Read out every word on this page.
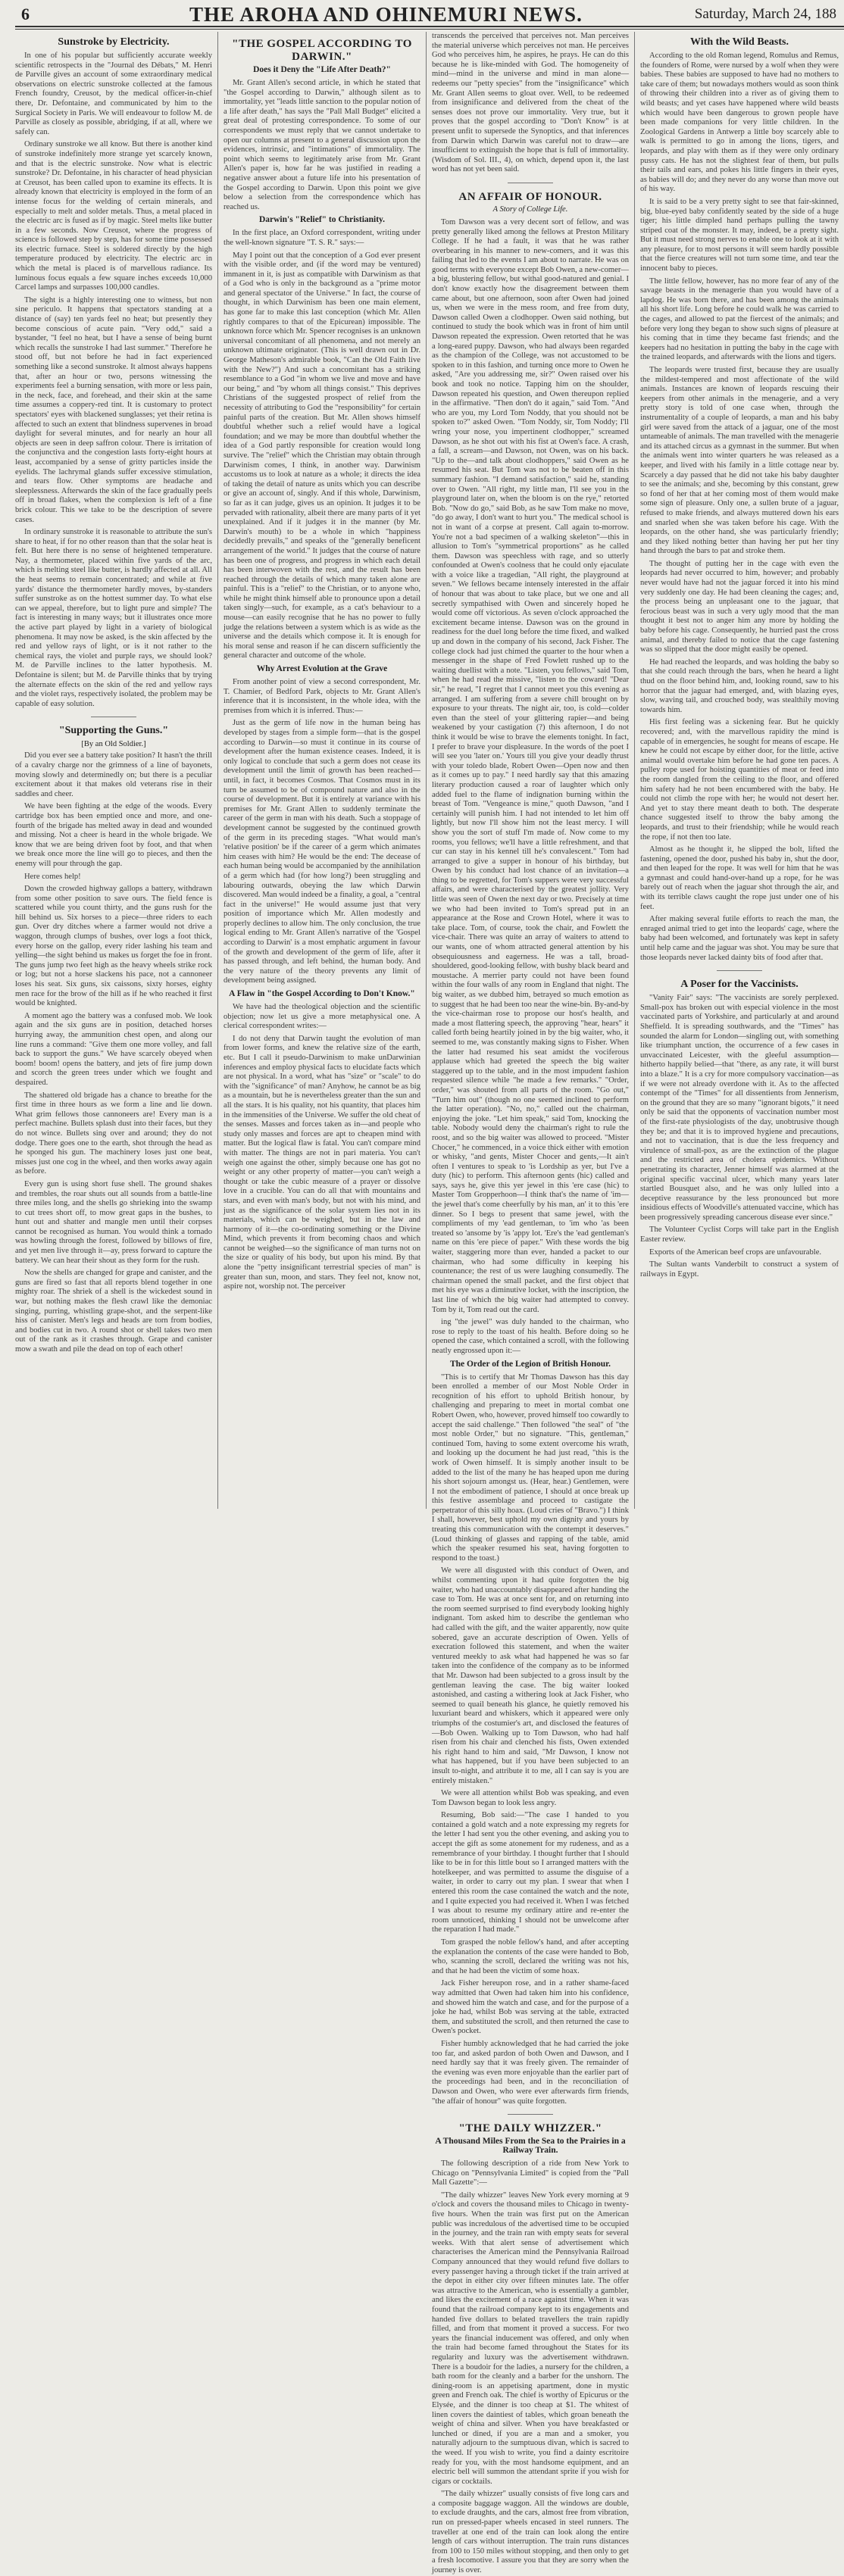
6	THE AROHA AND OHINEMURI NEWS.	Saturday, March 24, 188
Sunstroke by Electricity.

In one of his popular but sufficiently accurate weekly scientific retrospects in the "Journal des Débats," M. Henri de Parville gives an account of some extraordinary medical observations on electric sunstroke collected at the famous French foundry, Creusot, by the medical officer-in-chief there, Dr. Defontaine, and communicated by him to the Surgical Society in Paris. We will endeavour to follow M. de Parville as closely as possible, abridging, if at all, where we safely can.

Ordinary sunstroke we all know. But there is another kind of sunstroke indefinitely more strange yet scarcely known, and that is the electric sunstroke. Now what is electric sunstroke? Dr. Defontaine, in his character of head physician at Creusot, has been called upon to examine its effects. It is already known that electricity is employed in the form of an intense focus for the welding of certain minerals, and especially to melt and solder metals. Thus, a metal placed in the electric arc is fused as if by magic. Steel melts like butter in a few seconds. Now Creusot, where the progress of science is followed step by step, has for some time possessed its electric furnace. Steel is soldered directly by the high temperature produced by electricity. The electric arc in which the metal is placed is of marvellous radiance. Its luminous focus equals a few square inches exceeds 10,000 Carcel lamps and surpasses 100,000 candles.

The sight is a highly interesting one to witness, but non sine periculo. It happens that spectators standing at a distance of (say) ten yards feel no heat; but presently they become conscious of acute pain. "Very odd," said a bystander, "I feel no heat, but I have a sense of being burnt which recalls the sunstroke I had last summer." Therefore he stood off, but not before he had in fact experienced something like a second sunstroke. It almost always happens that, after an hour or two, persons witnessing the experiments feel a burning sensation, with more or less pain, in the neck, face, and forehead, and their skin at the same time assumes a coppery-red tint. It is customary to protect spectators' eyes with blackened sunglasses; yet their retina is affected to such an extent that blindness supervenes in broad daylight for several minutes, and for nearly an hour all objects are seen in deep saffron colour. There is irritation of the conjunctiva and the congestion lasts forty-eight hours at least, accompanied by a sense of gritty particles inside the eyelids. The lachrymal glands suffer excessive stimulation, and tears flow. Other symptoms are headache and sleeplessness. Afterwards the skin of the face gradually peels off in broad flakes, when the complexion is left of a fine brick colour. This we take to be the description of severe cases.

In ordinary sunstroke it is reasonable to attribute the sun's share to heat, if for no other reason than that the solar heat is felt. But here there is no sense of heightened temperature. Nay, a thermometer, placed within five yards of the arc, which is melting steel like butter, is hardly affected at all. All the heat seems to remain concentrated; and while at five yards' distance the thermometer hardly moves, by-standers suffer sunstroke as on the hottest summer day. To what else can we appeal, therefore, but to light pure and simple? The fact is interesting in many ways; but it illustrates once more the active part played by light in a variety of biological phenomena. It may now be asked, is the skin affected by the red and yellow rays of light, or is it not rather to the chemical rays, the violet and purple rays, we should look? M. de Parville inclines to the latter hypothesis. M. Defontaine is silent; but M. de Parville thinks that by trying the alternate effects on the skin of the red and yellow rays and the violet rays, respectively isolated, the problem may be capable of easy solution.

"Supporting the Guns."
[By an Old Soldier.]

Did you ever see a battery take position? It hasn't the thrill of a cavalry charge nor the grimness of a line of bayonets, moving slowly and determinedly on; but there is a peculiar excitement about it that makes old veterans rise in their saddles and cheer.

We have been fighting at the edge of the woods. Every cartridge box has been emptied once and more, and one-fourth of the brigade has melted away in dead and wounded and missing. Not a cheer is heard in the whole brigade. We know that we are being driven foot by foot, and that when we break once more the line will go to pieces, and then the enemy will pour through the gap.

Here comes help!

Down the crowded highway gallops a battery, withdrawn from some other position to save ours. The field fence is scattered while you count thirty, and the guns rush for the hill behind us. Six horses to a piece—three riders to each gun. Over dry ditches where a farmer would not drive a waggon, through clumps of bushes, over logs a foot thick, every horse on the gallop, every rider lashing his team and yelling—the sight behind us makes us forget the foe in front. The guns jump two feet high as the heavy wheels strike rock or log; but not a horse slackens his pace, not a cannoneer loses his seat. Six guns, six caissons, sixty horses, eighty men race for the brow of the hill as if he who reached it first would be knighted.

A moment ago the battery was a confused mob. We look again and the six guns are in position, detached horses hurrying away, the ammunition chest open, and along our line runs a command: "Give them one more volley, and fall back to support the guns." We have scarcely obeyed when boom! boom! opens the battery, and jets of fire jump down and scorch the green trees under which we fought and despaired.

The shattered old brigade has a chance to breathe for the first time in three hours as we form a line and lie down. What grim fellows those cannoneers are! Every man is a perfect machine. Bullets splash dust into their faces, but they do not wince. Bullets sing over and around; they do not dodge. There goes one to the earth, shot through the head as he sponged his gun. The machinery loses just one beat, misses just one cog in the wheel, and then works away again as before.

Every gun is using short fuse shell. The ground shakes and trembles, the roar shuts out all sounds from a battle-line three miles long, and the shells go shrieking into the swamp to cut trees short off, to mow great gaps in the bushes, to hunt out and shatter and mangle men until their corpses cannot be recognised as human. You would think a tornado was howling through the forest, followed by billows of fire, and yet men live through it—ay, press forward to capture the battery. We can hear their shout as they form for the rush.

Now the shells are changed for grape and canister, and the guns are fired so fast that all reports blend together in one mighty roar. The shriek of a shell is the wickedest sound in war, but nothing makes the flesh crawl like the demoniac singing, purring, whistling grape-shot, and the serpent-like hiss of canister. Men's legs and heads are torn from bodies, and bodies cut in two. A round shot or shell takes two men out of the rank as it crashes through. Grape and canister mow a swath and pile the dead on top of each other!

"THE GOSPEL ACCORDING TO DARWIN."
Does it Deny the "Life After Death?"

Mr. Grant Allen's second article, in which he stated that "the Gospel according to Darwin," although silent as to immortality, yet "leads little sanction to the popular notion of a life after death," has says the "Pall Mall Budget" elicited a great deal of protesting correspondence. To some of our correspondents we must reply that we cannot undertake to open our columns at present to a general discussion upon the evidences, intrinsic, and "intimations" of immortality. The point which seems to legitimately arise from Mr. Grant Allen's paper is, how far he was justified in reading a negative answer about a future life into his presentation of the Gospel according to Darwin. Upon this point we give below a selection from the correspondence which has reached us.

Darwin's "Relief" to Christianity.

In the first place, an Oxford correspondent, writing under the well-known signature "T. S. R." says:—

May I point out that the conception of a God ever present with the visible order, and (if the word may be ventured) immanent in it, is just as compatible with Darwinism as that of a God who is only in the background as a "prime motor and general spectator of the Universe." In fact, the course of thought, in which Darwinism has been one main element, has gone far to make this last conception (which Mr. Allen rightly compares to that of the Epicurean) impossible. The unknown force which Mr. Spencer recognises is an unknown universal concomitant of all phenomena, and not merely an unknown ultimate originator. (This is well drawn out in Dr. George Matheson's admirable book, "Can the Old Faith live with the New?") And such a concomitant has a striking resemblance to a God "in whom we live and move and have our being," and "by whom all things consist." This deprives Christians of the suggested prospect of relief from the necessity of attributing to God the "responsibility" for certain painful parts of the creation. But Mr. Allen shows himself doubtful whether such a relief would have a logical foundation; and we may be more than doubtful whether the idea of a God partly responsible for creation would long survive. The "relief" which the Christian may obtain through Darwinism comes, I think, in another way. Darwinism accustoms us to look at nature as a whole; it directs the idea of taking the detail of nature as units which you can describe or give an account of, singly. And if this whole, Darwinism, so far as it can judge, gives us an opinion. It judges it to be pervaded with rationality, albeit there are many parts of it yet unexplained. And if it judges it in the manner (by Mr. Darwin's mouth) to be a whole in which "happiness decidedly prevails," and speaks of the "generally beneficent arrangement of the world." It judges that the course of nature has been one of progress, and progress in which each detail has been interwoven with the rest, and the result has been reached through the details of which many taken alone are painful. This is a "relief" to the Christian, or to anyone who, while he might think himself able to pronounce upon a detail taken singly—such, for example, as a cat's behaviour to a mouse—can easily recognise that he has no power to fully judge the relations between a system which is as wide as the universe and the details which compose it. It is enough for his moral sense and reason if he can discern sufficiently the general character and outcome of the whole.

Why Arrest Evolution at the Grave

From another point of view a second correspondent, Mr. T. Chamier, of Bedford Park, objects to Mr. Grant Allen's inference that it is inconsistent, in the whole idea, with the premises from which it is inferred. Thus:—

Just as the germ of life now in the human being has developed by stages from a simple form—that is the gospel according to Darwin—so must it continue in its course of development after the human existence ceases. Indeed, it is only logical to conclude that such a germ does not cease its development until the limit of growth has been reached—until, in fact, it becomes Cosmos. That Cosmos must in its turn be assumed to be of compound nature and also in the course of development. But it is entirely at variance with his premises for Mr. Grant Allen to suddenly terminate the career of the germ in man with his death. Such a stoppage of development cannot be suggested by the continued growth of the germ in its preceding stages. "What would man's 'relative position' be if the career of a germ which animates him ceases with him? He would be the end: The decease of each human being would be accompanied by the annihilation of a germ which had (for how long?) been struggling and labouring outwards, obeying the law which Darwin discovered. Man would indeed be a finality, a goal, a "central fact in the universe!" He would assume just that very position of importance which Mr. Allen modestly and properly declines to allow him. The only conclusion, the true logical ending to Mr. Grant Allen's narrative of the 'Gospel according to Darwin' is a most emphatic argument in favour of the growth and development of the germ of life, after it has passed through, and left behind, the human body. And the very nature of the theory prevents any limit of development being assigned.

A Flaw in "the Gospel According to Don't Know."

We have had the theological objection and the scientific objection; now let us give a more metaphysical one. A clerical correspondent writes:—

I do not deny that Darwin taught the evolution of man from lower forms, and knew the relative size of the earth, etc. But I call it pseudo-Darwinism to make unDarwinian inferences and employ physical facts to elucidate facts which are not physical. In a word, what has "size" or "scale" to do with the "significance" of man? Anyhow, he cannot be as big as a mountain, but he is nevertheless greater than the sun and all the stars. It is his quality, not his quantity, that places him in the immensities of the Universe. We suffer the old cheat of the senses. Masses and forces taken as in—and people who study only masses and forces are apt to cheapen mind with matter. But the logical flaw is fatal. You can't compare mind with matter. The things are not in pari materia. You can't weigh one against the other, simply because one has got no weight or any other property of matter—you can't weigh a thought or take the cubic measure of a prayer or dissolve love in a crucible. You can do all that with mountains and stars, and even with man's body, but not with his mind, and just as the significance of the solar system lies not in its materials, which can be weighed, but in the law and harmony of it—the co-ordinating something or the Divine Mind, which prevents it from becoming chaos and which cannot be weighed—so the significance of man turns not on the size or quality of his body, but upon his mind. By that alone the "petty insignificant terrestrial species of man" is greater than sun, moon, and stars. They feel not, know not, aspire not, worship not. The perceiver

transcends the perceived that perceives not. Man perceives the material universe which perceives not man. He perceives God who perceives him, he aspires, he prays. He can do this because he is like-minded with God. The homogeneity of mind—mind in the universe and mind in man alone—redeems our "petty species" from the "insignificance" which Mr. Grant Allen seems to gloat over. Well, to be redeemed from insignificance and delivered from the cheat of the senses does not prove our immortality. Very true, but it proves that the gospel according to "Don't Know" is at present unfit to supersede the Synoptics, and that inferences from Darwin which Darwin was careful not to draw—are insufficient to extinguish the hope that is full of immortality. (Wisdom of Sol. III., 4), on which, depend upon it, the last word has not yet been said.

AN AFFAIR OF HONOUR.
A Story of College Life.

Tom Dawson was a very decent sort of fellow, and was pretty generally liked among the fellows at Preston Military College. If he had a fault, it was that he was rather overbearing in his manner to new-comers, and it was this failing that led to the events I am about to narrate. He was on good terms with everyone except Bob Owen, a new-comer—a big, blustering fellow, but withal good-natured and genial. I don't know exactly how the disagreement between them came about, but one afternoon, soon after Owen had joined us, when we were in the mess room, and free from duty, Dawson called Owen a clodhopper. Owen said nothing, but continued to study the book which was in front of him until Dawson repeated the expression. Owen retorted that he was a long-eared puppy. Dawson, who had always been regarded as the champion of the College, was not accustomed to be spoken to in this fashion, and turning once more to Owen he asked, "Are you addressing me, sir?" Owen raised over his book and took no notice. Tapping him on the shoulder, Dawson repeated his question, and Owen thereupon replied in the affirmative. "Then don't do it again," said Tom. "And who are you, my Lord Tom Noddy, that you should not be spoken to?" asked Owen. "Tom Noddy, sir, Tom Noddy; I'll wring your nose, you impertinent clodhopper," screamed Dawson, as he shot out with his fist at Owen's face. A crash, a fall, a scream—and Dawson, not Owen, was on his back. "Up to the—and talk about clodhoppers," said Owen as he resumed his seat. But Tom was not to be beaten off in this summary fashion. "I demand satisfaction," said he, standing over to Owen. "All right, my little man, I'll see you in the playground later on, when the bloom is on the rye," retorted Bob. "Now do go," said Bob, as he saw Tom make no move, "do go away, I don't want to hurt you." The medical school is not in want of a corpse at present. Call again to-morrow. You're not a bad specimen of a walking skeleton"—this in allusion to Tom's "symmetrical proportions" as he called them. Dawson was speechless with rage, and so utterly confounded at Owen's coolness that he could only ejaculate with a voice like a tragedian, "All right, the playground at seven." We fellows became intensely interested in the affair of honour that was about to take place, but we one and all secretly sympathised with Owen and sincerely hoped he would come off victorious. As seven o'clock approached the excitement became intense. Dawson was on the ground in readiness for the duel long before the time fixed, and walked up and down in the company of his second, Jack Fisher. The college clock had just chimed the quarter to the hour when a messenger in the shape of Fred Fowlett rushed up to the waiting duellist with a note. "Listen, you fellows," said Tom, when he had read the missive, "listen to the coward! "Dear sir," he read, "I regret that I cannot meet you this evening as arranged. I am suffering from a severe chill brought on by exposure to your threats. The night air, too, is cold—colder even than the steel of your glittering rapier—and being weakened by your castigation (?) this afternoon, I do not think it would be wise to brave the elements tonight. In fact, I prefer to brave your displeasure. In the words of the poet I will see you 'later on.' Yours till you give your deadly thrust with your toledo blade, Robert Owen—Open now and then as it comes up to pay." I need hardly say that this amazing literary production caused a roar of laughter which only added fuel to the flame of indignation burning within the breast of Tom. "Vengeance is mine," quoth Dawson, "and I certainly will punish him. I had not intended to let him off lightly, but now I'll show him not the least mercy. I will show you the sort of stuff I'm made of. Now come to my rooms, you fellows; we'll have a little refreshment, and that cur can stay in his kennel till he's convalescent." Tom had arranged to give a supper in honour of his birthday, but Owen by his conduct had lost chance of an invitation—a thing to be regretted, for Tom's suppers were very successful affairs, and were characterised by the greatest jollity. Very little was seen of Owen the next day or two. Precisely at time we who had been invited to Tom's spread put in an appearance at the Rose and Crown Hotel, where it was to take place. Tom, of course, took the chair, and Fowlett the vice-chair. There was quite an array of waiters to attend to our wants, one of whom attracted general attention by his obsequiousness and eagerness. He was a tall, broad-shouldered, good-looking fellow, with bushy black beard and moustache. A merrier party could not have been found within the four walls of any room in England that night. The big waiter, as we dubbed him, betrayed so much emotion as to suggest that he had been too near the wine-bin. By-and-by the vice-chairman rose to propose our host's health, and made a most flattering speech, the approving "hear, hears" it called forth being heartily joined in by the big waiter, who, it seemed to me, was constantly making signs to Fisher. When the latter had resumed his seat amidst the vociferous applause which had greeted the speech the big waiter staggered up to the table, and in the most impudent fashion requested silence while "he made a few remarks." "Order, order," was shouted from all parts of the room. "Go out," "Turn him out" (though no one seemed inclined to perform the latter operation). "No, no," called out the chairman, enjoying the joke. "Let him speak," said Tom, knocking the table. Nobody would deny the chairman's right to rule the roost, and so the big waiter was allowed to proceed. "Mister Chocer," he commenced, in a voice thick either with emotion or whisky, "and gents, Mister Chocer and gents,—It ain't often I ventures to speak to 'is Lordship as yer, but I've a duty (hic) to perform. This afternoon gents (hic) called and says, says he, give this yer jewel in this 'ere case (hic) to Master Tom Gropperhoon—I think that's the name of 'im—the jewel that's come cheerfully by his man, an' it to this 'ere dinner. So I begs to present that same jewel, with the compliments of my 'ead gentleman, to 'im who 'as been treated so 'ansome by 'is 'appy lot. 'Ere's the 'ead gentleman's name on this 'ere piece of paper." With these words the big waiter, staggering more than ever, handed a packet to our chairman, who had some difficulty in keeping his countenance; the rest of us were laughing consumedly. The chairman opened the small packet, and the first object that met his eye was a diminutive locket, with the inscription, the last line of which the big waiter had attempted to convey. Tom by it, Tom read out the card.

ing "the jewel" was duly handed to the chairman, who rose to reply to the toast of his health. Before doing so he opened the case, which contained a scroll, with the following neatly engrossed upon it:—

The Order of the Legion of British Honour.

"This is to certify that Mr Thomas Dawson has this day been enrolled a member of our Most Noble Order in recognition of his effort to uphold British honour, by challenging and preparing to meet in mortal combat one Robert Owen, who, however, proved himself too cowardly to accept the said challenge." Then followed "the seal" of "the most noble Order," but no signature. "This, gentleman," continued Tom, having to some extent overcome his wrath, and looking up the document he had just read, "this is the work of Owen himself. It is simply another insult to be added to the list of the many he has heaped upon me during his short sojourn amongst us. (Hear, hear.) Gentlemen, were I not the embodiment of patience, I should at once break up this festive assemblage and proceed to castigate the perpetrator of this silly hoax. (Loud cries of "Bravo.") I think I shall, however, best uphold my own dignity and yours by treating this communication with the contempt it deserves." (Loud thinking of glasses and rapping of the table, amid which the speaker resumed his seat, having forgotten to respond to the toast.)

We were all disgusted with this conduct of Owen, and whilst commenting upon it had quite forgotten the big waiter, who had unaccountably disappeared after handing the case to Tom. He was at once sent for, and on returning into the room seemed surprised to find everybody looking highly indignant. Tom asked him to describe the gentleman who had called with the gift, and the waiter apparently, now quite sobered, gave an accurate description of Owen. Yells of execration followed this statement, and when the waiter ventured meekly to ask what had happened he was so far taken into the confidence of the company as to be informed that Mr. Dawson had been subjected to a gross insult by the gentleman leaving the case. The big waiter looked astonished, and casting a withering look at Jack Fisher, who seemed to quail beneath his glance, he quietly removed his luxuriant beard and whiskers, which it appeared were only triumphs of the costumier's art, and disclosed the features of —Bob Owen. Walking up to Tom Dawson, who had half risen from his chair and clenched his fists, Owen extended his right hand to him and said, "Mr Dawson, I know not what has happened, but if you have been subjected to an insult to-night, and attribute it to me, all I can say is you are entirely mistaken."

We were all attention whilst Bob was speaking, and even Tom Dawson began to look less angry.

Resuming, Bob said:—"The case I handed to you contained a gold watch and a note expressing my regrets for the letter I had sent you the other evening, and asking you to accept the gift as some atonement for my rudeness, and as a remembrance of your birthday. I thought further that I should like to be in for this little bout so I arranged matters with the hotelkeeper, and was permitted to assume the disguise of a waiter, in order to carry out my plan. I swear that when I entered this room the case contained the watch and the note, and I quite expected you had received it. When I was fetched I was about to resume my ordinary attire and re-enter the room unnoticed, thinking I should not be unwelcome after the reparation I had made."

Tom grasped the noble fellow's hand, and after accepting the explanation the contents of the case were handed to Bob, who, scanning the scroll, declared the writing was not his, and that he had been the victim of some hoax.

Jack Fisher hereupon rose, and in a rather shame-faced way admitted that Owen had taken him into his confidence, and showed him the watch and case, and for the purpose of a joke he had, whilst Bob was serving at the table, extracted them, and substituted the scroll, and then returned the case to Owen's pocket.

Fisher humbly acknowledged that he had carried the joke too far, and asked pardon of both Owen and Dawson, and I need hardly say that it was freely given. The remainder of the evening was even more enjoyable than the earlier part of the proceedings had been, and in the reconciliation of Dawson and Owen, who were ever afterwards firm friends, "the affair of honour" was quite forgotten.

"THE DAILY WHIZZER."
A Thousand Miles From the Sea to the Prairies in a Railway Train.

The following description of a ride from New York to Chicago on "Pennsylvania Limited" is copied from the "Pall Mall Gazette":—

"The daily whizzer" leaves New York every morning at 9 o'clock and covers the thousand miles to Chicago in twenty-five hours. When the train was first put on the American public was incredulous of the advertised time to be occupied in the journey, and the train ran with empty seats for several weeks. With that alert sense of advertisement which characterises the American mind the Pennsylvania Railroad Company announced that they would refund five dollars to every passenger having a through ticket if the train arrived at the depot in either city over fifteen minutes late. The offer was attractive to the American, who is essentially a gambler, and likes the excitement of a race against time. When it was found that the railroad company kept to its engagements and handed five dollars to belated travellers the train rapidly filled, and from that moment it proved a success. For two years the financial inducement was offered, and only when the train had become famed throughout the States for its regularity and luxury was the advertisement withdrawn. There is a boudoir for the ladies, a nursery for the children, a bath room for the cleanly and a barber for the unshorn. The dining-room is an appetising apartment, done in mystic green and French oak. The chief is worthy of Epicurus or the Elysée, and the dinner is too cheap at $1. The whitest of linen covers the daintiest of tables, which groan beneath the weight of china and silver. When you have breakfasted or lunched or dined, if you are a man and a smoker, you naturally adjourn to the sumptuous divan, which is sacred to the weed. If you wish to write, you find a dainty escritoire ready for you, with the most handsome equipment, and an electric bell will summon the attendant sprite if you wish for cigars or cocktails.

"The daily whizzer" usually consists of five long cars and a composite baggage waggon. All the windows are double, to exclude draughts, and the cars, almost free from vibration, run on pressed-paper wheels encased in steel runners. The traveller at one end of the train can look along the entire length of cars without interruption. The train runs distances from 100 to 150 miles without stopping, and then only to get a fresh locomotive. I assure you that they are sorry when the journey is over.

With the Wild Beasts.

According to the old Roman legend, Romulus and Remus, the founders of Rome, were nursed by a wolf when they were babies. These babies are supposed to have had no mothers to take care of them; but nowadays mothers would as soon think of throwing their children into a river as of giving them to wild beasts; and yet cases have happened where wild beasts which would have been dangerous to grown people have been made companions for very little children. In the Zoological Gardens in Antwerp a little boy scarcely able to walk is permitted to go in among the lions, tigers, and leopards, and play with them as if they were only ordinary pussy cats. He has not the slightest fear of them, but pulls their tails and ears, and pokes his little fingers in their eyes, as babies will do; and they never do any worse than move out of his way.

It is said to be a very pretty sight to see that fair-skinned, big, blue-eyed baby confidently seated by the side of a huge tiger; his little dimpled hand perhaps pulling the tawny striped coat of the monster. It may, indeed, be a pretty sight. But it must need strong nerves to enable one to look at it with any pleasure, for to most persons it will seem hardly possible that the fierce creatures will not turn some time, and tear the innocent baby to pieces.

The little fellow, however, has no more fear of any of the savage beasts in the menagerie than you would have of a lapdog. He was born there, and has been among the animals all his short life. Long before he could walk he was carried to the cages, and allowed to pat the fiercest of the animals; and before very long they began to show such signs of pleasure at his coming that in time they became fast friends; and the keepers had no hesitation in putting the baby in the cage with the trained leopards, and afterwards with the lions and tigers.

The leopards were trusted first, because they are usually the mildest-tempered and most affectionate of the wild animals. Instances are known of leopards rescuing their keepers from other animals in the menagerie, and a very pretty story is told of one case when, through the instrumentality of a couple of leopards, a man and his baby girl were saved from the attack of a jaguar, one of the most untameable of animals. The man travelled with the menagerie and its attached circus as a gymnast in the summer. But when the animals went into winter quarters he was released as a keeper, and lived with his family in a little cottage near by. Scarcely a day passed that he did not take his baby daughter to see the animals; and she, becoming by this constant, grew so fond of her that at her coming most of them would make some sign of pleasure. Only one, a sullen brute of a jaguar, refused to make friends, and always muttered down his ears and snarled when she was taken before his cage. With the leopards, on the other hand, she was particularly friendly; and they liked nothing better than having her put her tiny hand through the bars to pat and stroke them.

The thought of putting her in the cage with even the leopards had never occurred to him, however; and probably never would have had not the jaguar forced it into his mind very suddenly one day. He had been cleaning the cages; and, the process being an unpleasant one to the jaguar, that ferocious beast was in such a very ugly mood that the man thought it best not to anger him any more by holding the baby before his cage. Consequently, he hurried past the cross animal, and thereby failed to notice that the cage fastening was so slipped that the door might easily be opened.

He had reached the leopards, and was holding the baby so that she could reach through the bars, when he heard a light thud on the floor behind him, and, looking round, saw to his horror that the jaguar had emerged, and, with blazing eyes, slow, waving tail, and crouched body, was stealthily moving towards him.

His first feeling was a sickening fear. But he quickly recovered; and, with the marvellous rapidity the mind is capable of in emergencies, he sought for means of escape. He knew he could not escape by either door, for the little, active animal would overtake him before he had gone ten paces. A pulley rope used for hoisting quantities of meat or feed into the room dangled from the ceiling to the floor, and offered him safety had he not been encumbered with the baby. He could not climb the rope with her; he would not desert her. And yet to stay there meant death to both. The desperate chance suggested itself to throw the baby among the leopards, and trust to their friendship; while he would reach the rope, if not then too late.

Almost as he thought it, he slipped the bolt, lifted the fastening, opened the door, pushed his baby in, shut the door, and then leaped for the rope. It was well for him that he was a gymnast and could hand-over-hand up a rope, for he was barely out of reach when the jaguar shot through the air, and with its terrible claws caught the rope just under one of his feet.

After making several futile efforts to reach the man, the enraged animal tried to get into the leopards' cage, where the baby had been welcomed, and fortunately was kept in safety until help came and the jaguar was shot. You may be sure that those leopards never lacked dainty bits of food after that.

A Poser for the Vaccinists.

"Vanity Fair" says: "The vaccinists are sorely perplexed. Small-pox has broken out with especial violence in the most vaccinated parts of Yorkshire, and particularly at and around Sheffield. It is spreading southwards, and the "Times" has sounded the alarm for London—singling out, with something like triumphant unction, the occurrence of a few cases in unvaccinated Leicester, with the gleeful assumption—hitherto happily belied—that "there, as any rate, it will burst into a blaze." It is a cry for more compulsory vaccination—as if we were not already overdone with it. As to the affected contempt of the "Times" for all dissentients from Jennerism, on the ground that they are so many "ignorant bigots," it need only be said that the opponents of vaccination number most of the first-rate physiologists of the day, unobtrusive though they be; and that it is to improved hygiene and precautions, and not to vaccination, that is due the less frequency and virulence of small-pox, as are the extinction of the plague and the restricted area of cholera epidemics. Without penetrating its character, Jenner himself was alarmed at the original specific vaccinal ulcer, which many years later startled Bousquet also, and he was only lulled into a deceptive reassurance by the less pronounced but more insidious effects of Woodville's attenuated vaccine, which has been progressively spreading cancerous disease ever since."

The Volunteer Cyclist Corps will take part in the English Easter review.

Exports of the American beef crops are unfavourable.

The Sultan wants Vanderbilt to construct a system of railways in Egypt.
